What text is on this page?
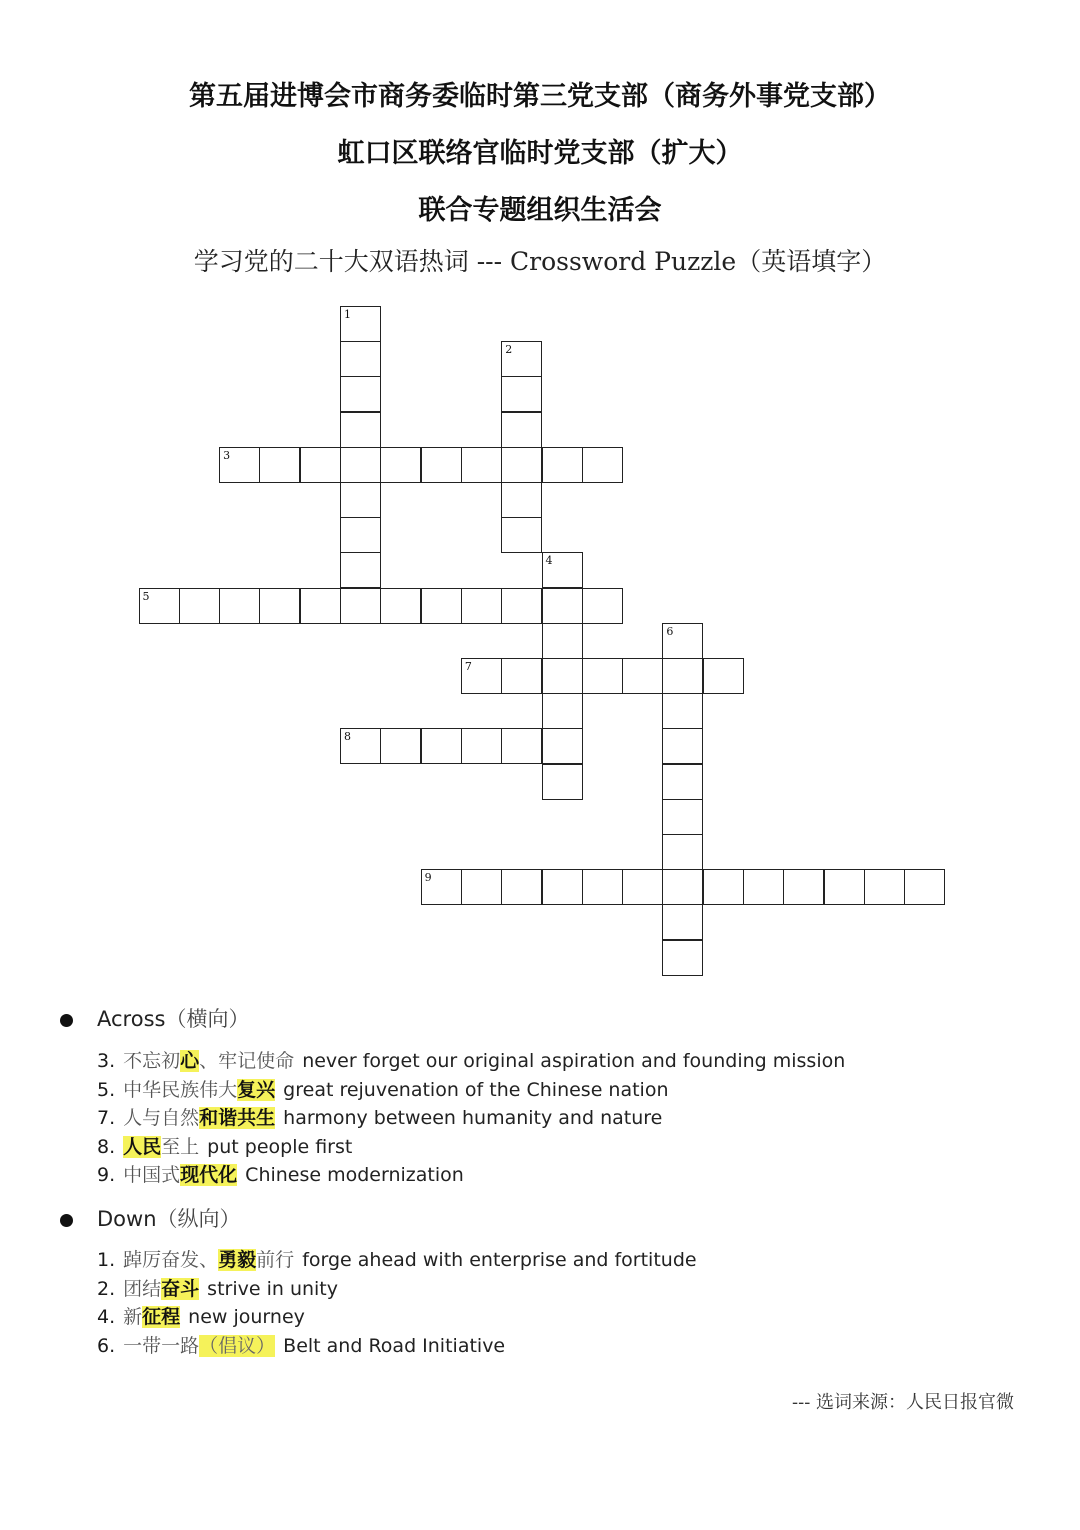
第五届进博会市商务委临时第三党支部（商务外事党支部）
虹口区联络官临时党支部（扩大）
联合专题组织生活会
学习党的二十大双语热词 --- Crossword Puzzle（英语填字）
1
2
3
4
5
6
7
8
9
Across（横向）
3. 不忘初心、牢记使命 never forget our original aspiration and founding mission
5. 中华民族伟大复兴 great rejuvenation of the Chinese nation
7. 人与自然和谐共生 harmony between humanity and nature
8. 人民至上 put people first
9. 中国式现代化 Chinese modernization
Down（纵向）
1. 踔厉奋发、勇毅前行 forge ahead with enterprise and fortitude
2. 团结奋斗 strive in unity
4. 新征程 new journey
6. 一带一路（倡议） Belt and Road Initiative
--- 选词来源：人民日报官微
